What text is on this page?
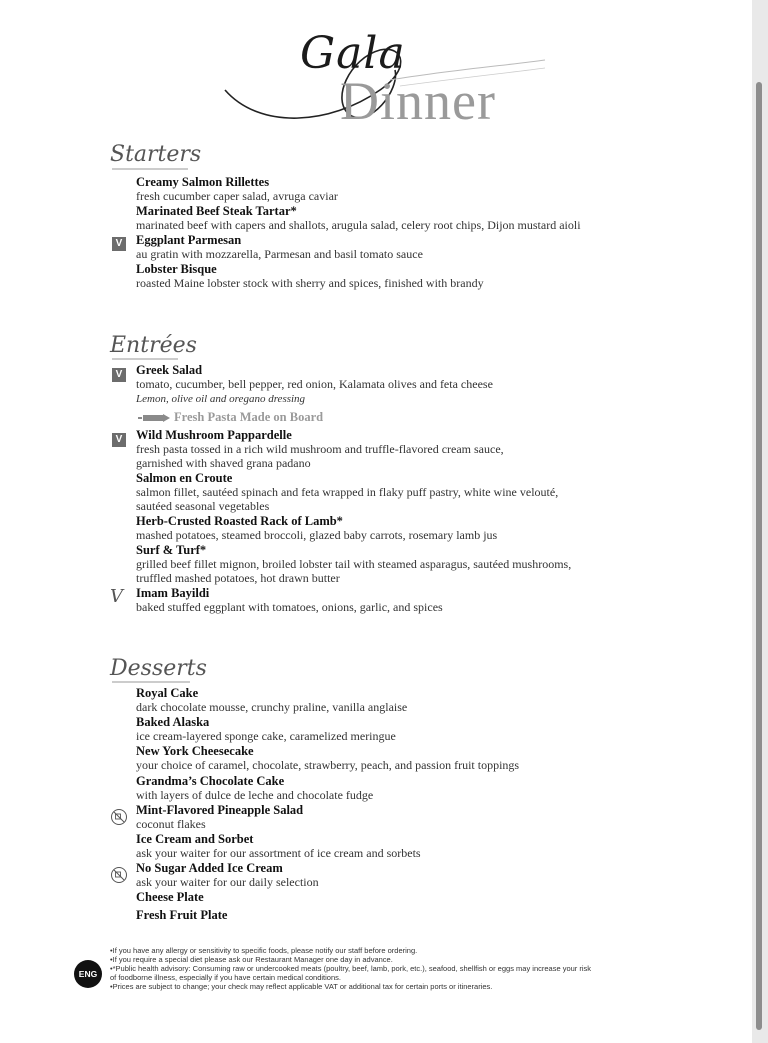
Gala
Dinner
Starters
Creamy Salmon Rillettes
fresh cucumber caper salad, avruga caviar
Marinated Beef Steak Tartar*
marinated beef with capers and shallots, arugula salad, celery root chips, Dijon mustard aioli
V Eggplant Parmesan
au gratin with mozzarella, Parmesan and basil tomato sauce
Lobster Bisque
roasted Maine lobster stock with sherry and spices, finished with brandy
Entrées
V Greek Salad
tomato, cucumber, bell pepper, red onion, Kalamata olives and feta cheese
Lemon, olive oil and oregano dressing
Fresh Pasta Made on Board
V Wild Mushroom Pappardelle
fresh pasta tossed in a rich wild mushroom and truffle-flavored cream sauce,
garnished with shaved grana padano
Salmon en Croute
salmon fillet, sautéed spinach and feta wrapped in flaky puff pastry, white wine velouté,
sautéed seasonal vegetables
Herb-Crusted Roasted Rack of Lamb*
mashed potatoes, steamed broccoli, glazed baby carrots, rosemary lamb jus
Surf & Turf*
grilled beef fillet mignon, broiled lobster tail with steamed asparagus, sautéed mushrooms,
truffled mashed potatoes, hot drawn butter
V Imam Bayildi
baked stuffed eggplant with tomatoes, onions, garlic, and spices
Desserts
Royal Cake
dark chocolate mousse, crunchy praline, vanilla anglaise
Baked Alaska
ice cream-layered sponge cake, caramelized meringue
New York Cheesecake
your choice of caramel, chocolate, strawberry, peach, and passion fruit toppings
Grandma’s Chocolate Cake
with layers of dulce de leche and chocolate fudge
Mint-Flavored Pineapple Salad
coconut flakes
Ice Cream and Sorbet
ask your waiter for our assortment of ice cream and sorbets
No Sugar Added Ice Cream
ask your waiter for our daily selection
Cheese Plate
Fresh Fruit Plate
ENG
•If you have any allergy or sensitivity to specific foods, please notify our staff before ordering.
•If you require a special diet please ask our Restaurant Manager one day in advance.
•*Public health advisory: Consuming raw or undercooked meats (poultry, beef, lamb, pork, etc.), seafood, shellfish or eggs may increase your risk
of foodborne illness, especially if you have certain medical conditions.
•Prices are subject to change; your check may reflect applicable VAT or additional tax for certain ports or itineraries.
